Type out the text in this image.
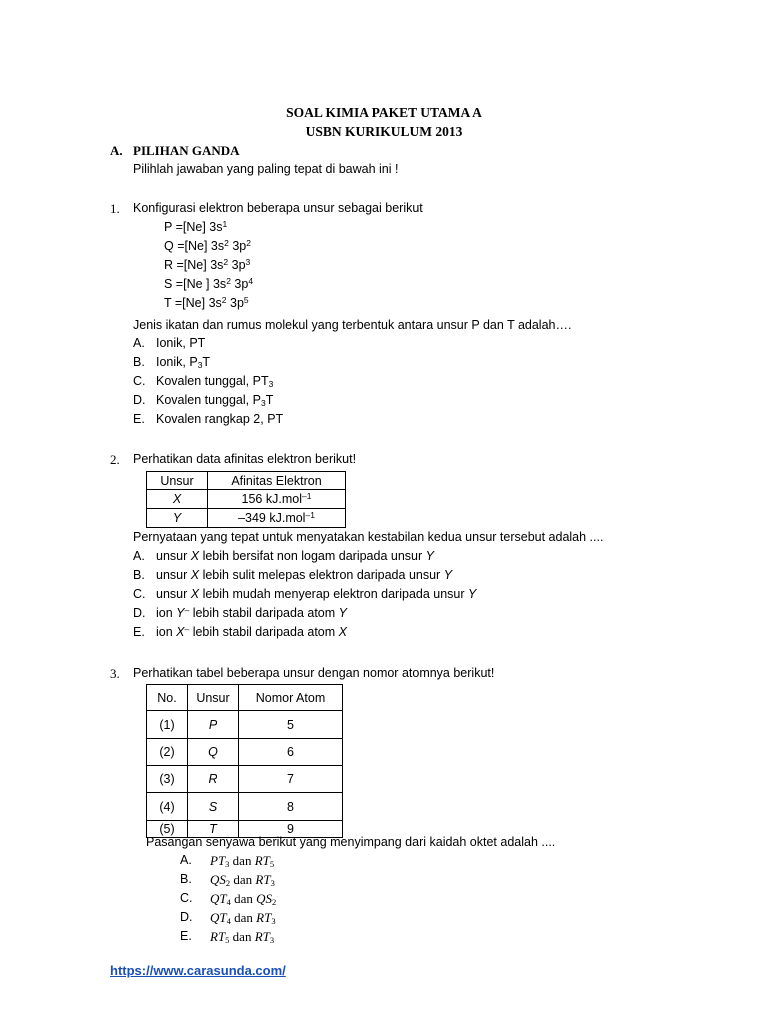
SOAL KIMIA PAKET UTAMA A
USBN KURIKULUM 2013
A. PILIHAN GANDA
Pilihlah jawaban yang paling tepat di bawah ini !
1. Konfigurasi elektron beberapa unsur sebagai berikut
P =[Ne] $3s^1$
Q =[Ne] $3s^2$ $3p^2$
R =[Ne] $3s^2$ $3p^3$
S =[Ne ] $3s^2$ $3p^4$
T =[Ne] $3s^2$ $3p^5$
Jenis ikatan dan rumus molekul yang terbentuk antara unsur P dan T adalah….
A. Ionik, PT
B. Ionik, $P_3T$
C. Kovalen tunggal, $PT_3$
D. Kovalen tunggal, $P_3T$
E. Kovalen rangkap 2, PT
2. Perhatikan data afinitas elektron berikut!
Unsur	Afinitas Elektron
X	156 kJ.mol$^{-1}$
Y	–349 kJ.mol$^{-1}$
Pernyataan yang tepat untuk menyatakan kestabilan kedua unsur tersebut adalah ....
A. unsur X lebih bersifat non logam daripada unsur Y
B. unsur X lebih sulit melepas elektron daripada unsur Y
C. unsur X lebih mudah menyerap elektron daripada unsur Y
D. ion Y– lebih stabil daripada atom Y
E. ion X– lebih stabil daripada atom X
3. Perhatikan tabel beberapa unsur dengan nomor atomnya berikut!
No.	Unsur	Nomor Atom
(1)	P	5
(2)	Q	6
(3)	R	7
(4)	S	8
(5)	T	9
Pasangan senyawa berikut yang menyimpang dari kaidah oktet adalah ....
A. $PT_3$ dan $RT_5$
B. $QS_2$ dan $RT_3$
C. $QT_4$ dan $QS_2$
D. $QT_4$ dan $RT_3$
E. $RT_5$ dan $RT_3$
https://www.carasunda.com/
